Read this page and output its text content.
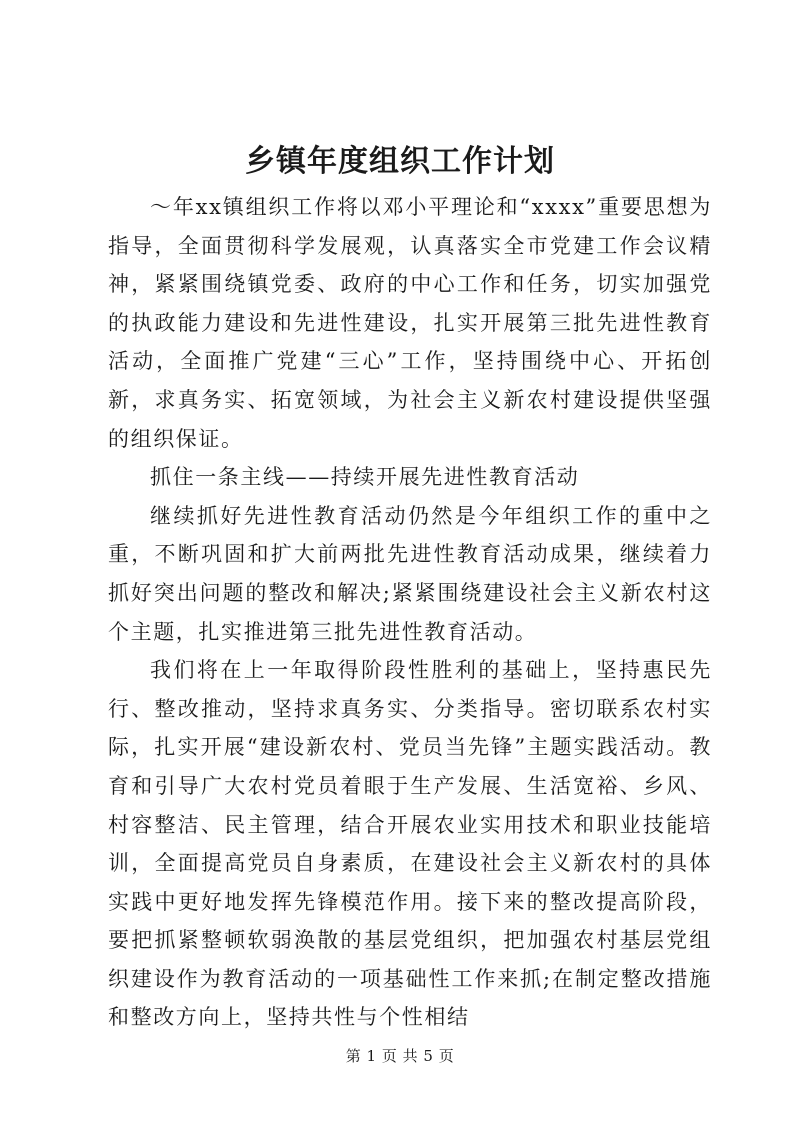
乡镇年度组织工作计划

～年xx镇组织工作将以邓小平理论和“xxxx”重要思想为指导，全面贯彻科学发展观，认真落实全市党建工作会议精神，紧紧围绕镇党委、政府的中心工作和任务，切实加强党的执政能力建设和先进性建设，扎实开展第三批先进性教育活动，全面推广党建“三心”工作，坚持围绕中心、开拓创新，求真务实、拓宽领域，为社会主义新农村建设提供坚强的组织保证。

抓住一条主线——持续开展先进性教育活动

继续抓好先进性教育活动仍然是今年组织工作的重中之重，不断巩固和扩大前两批先进性教育活动成果，继续着力抓好突出问题的整改和解决;紧紧围绕建设社会主义新农村这个主题，扎实推进第三批先进性教育活动。

我们将在上一年取得阶段性胜利的基础上，坚持惠民先行、整改推动，坚持求真务实、分类指导。密切联系农村实际，扎实开展“建设新农村、党员当先锋”主题实践活动。教育和引导广大农村党员着眼于生产发展、生活宽裕、乡风、村容整洁、民主管理，结合开展农业实用技术和职业技能培训，全面提高党员自身素质，在建设社会主义新农村的具体实践中更好地发挥先锋模范作用。接下来的整改提高阶段，要把抓紧整顿软弱涣散的基层党组织，把加强农村基层党组织建设作为教育活动的一项基础性工作来抓;在制定整改措施和整改方向上，坚持共性与个性相结

第 1 页 共 5 页
